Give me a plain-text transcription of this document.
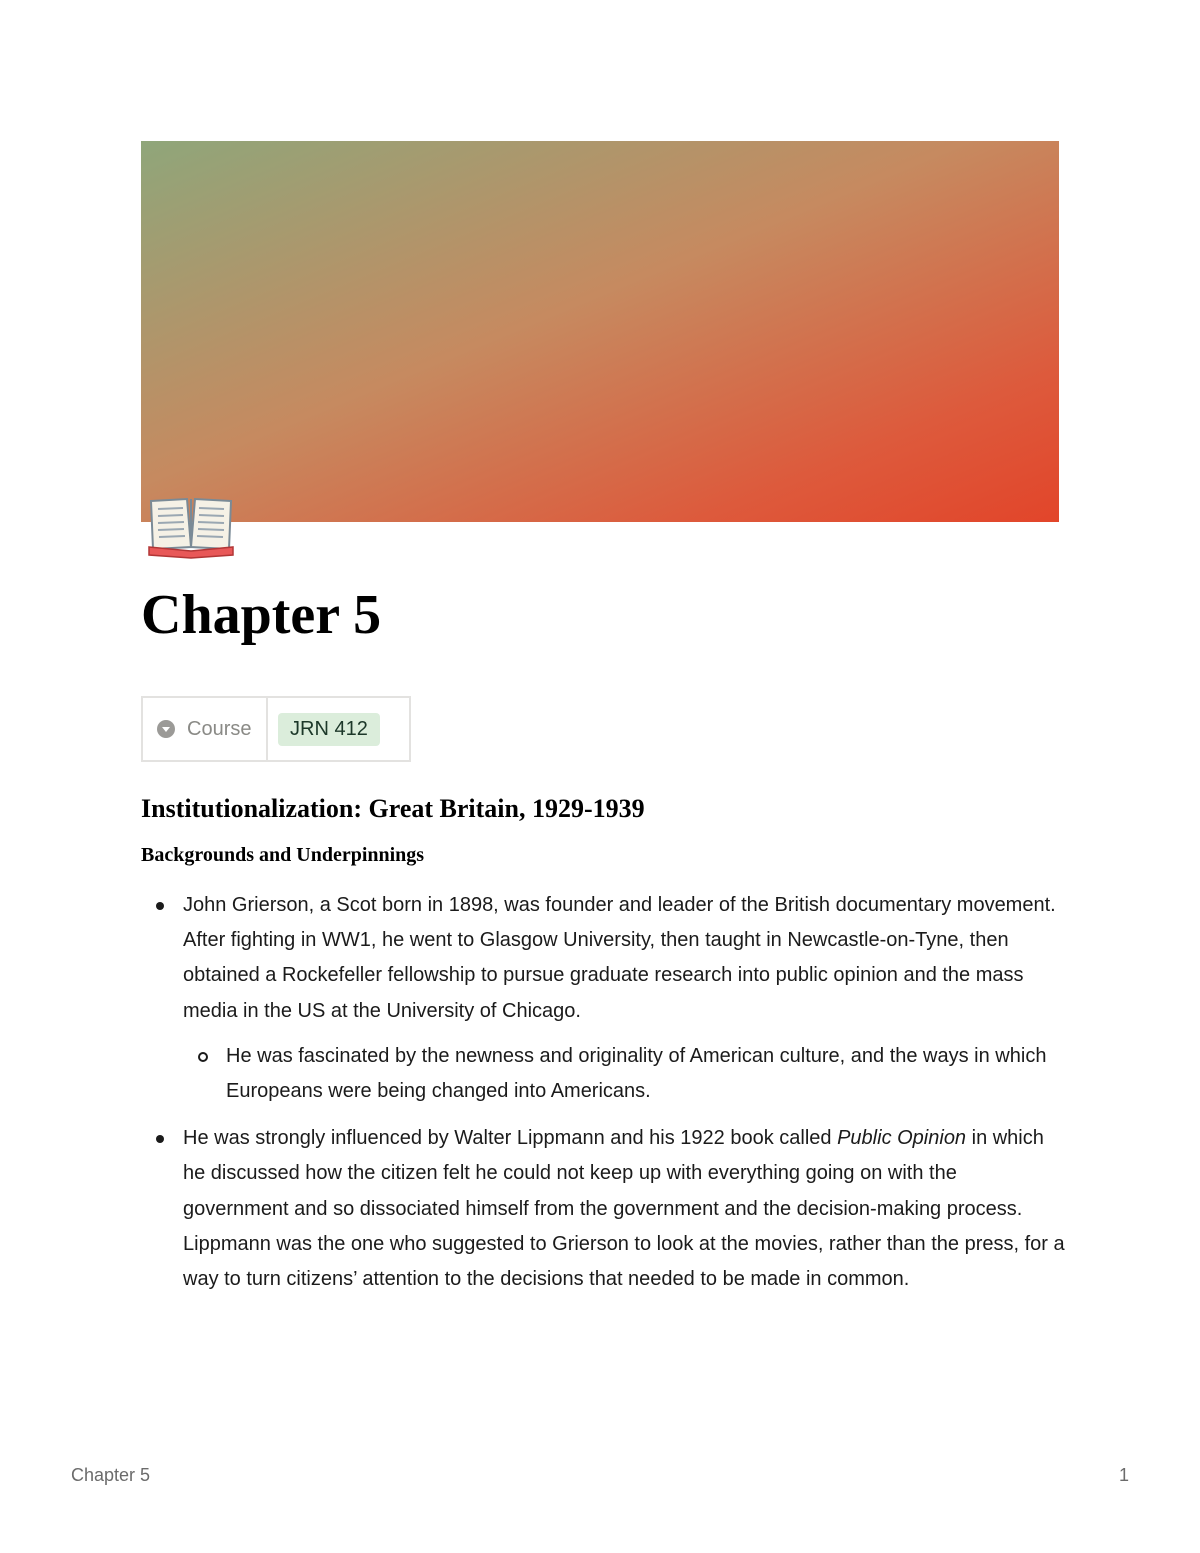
Chapter 5
Course	JRN 412
Institutionalization: Great Britain, 1929-1939
Backgrounds and Underpinnings
John Grierson, a Scot born in 1898, was founder and leader of the British documentary movement. After fighting in WW1, he went to Glasgow University, then taught in Newcastle-on-Tyne, then obtained a Rockefeller fellowship to pursue graduate research into public opinion and the mass media in the US at the University of Chicago.
He was fascinated by the newness and originality of American culture, and the ways in which Europeans were being changed into Americans.
He was strongly influenced by Walter Lippmann and his 1922 book called Public Opinion in which he discussed how the citizen felt he could not keep up with everything going on with the government and so dissociated himself from the government and the decision-making process. Lippmann was the one who suggested to Grierson to look at the movies, rather than the press, for a way to turn citizens’ attention to the decisions that needed to be made in common.
Chapter 5	1
